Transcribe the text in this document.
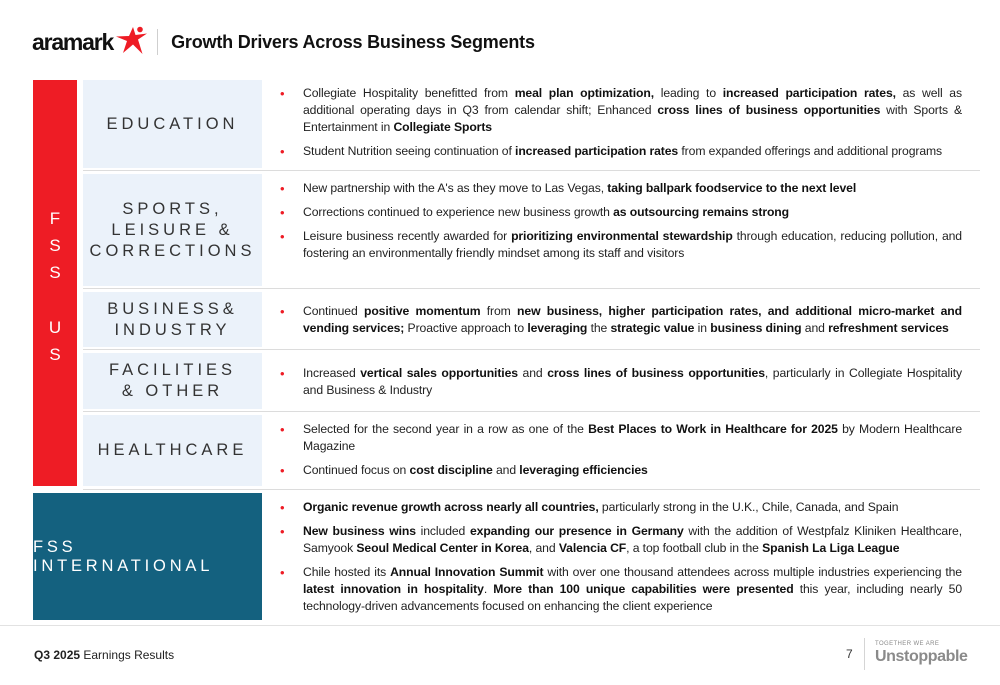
aramark	Growth Drivers Across Business Segments
F
S
S
U
S
EDUCATION
SPORTS,
LEISURE &
CORRECTIONS
BUSINESS&
INDUSTRY
FACILITIES
& OTHER
HEALTHCARE
FSS INTERNATIONAL
• Collegiate Hospitality benefitted from meal plan optimization, leading to increased participation rates, as well as additional operating days in Q3 from calendar shift; Enhanced cross lines of business opportunities with Sports & Entertainment in Collegiate Sports
• Student Nutrition seeing continuation of increased participation rates from expanded offerings and additional programs
• New partnership with the A's as they move to Las Vegas, taking ballpark foodservice to the next level
• Corrections continued to experience new business growth as outsourcing remains strong
• Leisure business recently awarded for prioritizing environmental stewardship through education, reducing pollution, and fostering an environmentally friendly mindset among its staff and visitors
• Continued positive momentum from new business, higher participation rates, and additional micro-market and vending services; Proactive approach to leveraging the strategic value in business dining and refreshment services
• Increased vertical sales opportunities and cross lines of business opportunities, particularly in Collegiate Hospitality and Business & Industry
• Selected for the second year in a row as one of the Best Places to Work in Healthcare for 2025 by Modern Healthcare Magazine
• Continued focus on cost discipline and leveraging efficiencies
• Organic revenue growth across nearly all countries, particularly strong in the U.K., Chile, Canada, and Spain
• New business wins included expanding our presence in Germany with the addition of Westpfalz Kliniken Healthcare, Samyook Seoul Medical Center in Korea, and Valencia CF, a top football club in the Spanish La Liga League
• Chile hosted its Annual Innovation Summit with over one thousand attendees across multiple industries experiencing the latest innovation in hospitality. More than 100 unique capabilities were presented this year, including nearly 50 technology-driven advancements focused on enhancing the client experience
Q3 2025 Earnings Results	7
TOGETHER WE ARE
Unstoppable
